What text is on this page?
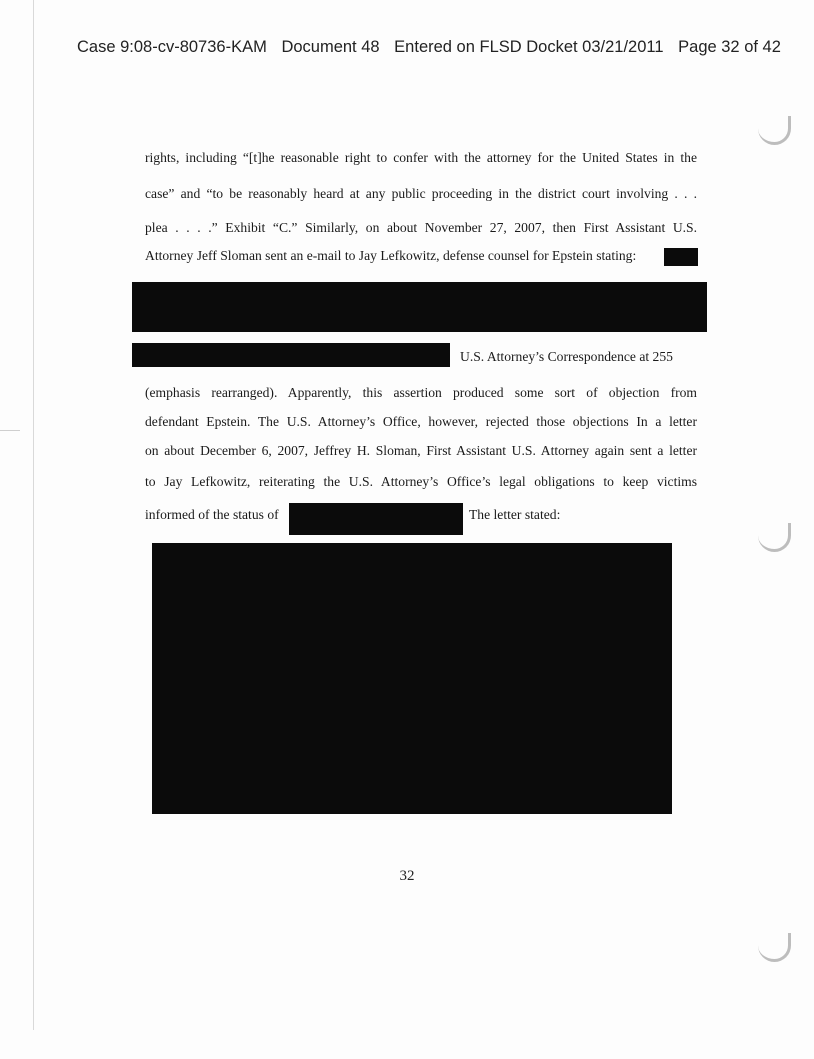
Case 9:08-cv-80736-KAM Document 48 Entered on FLSD Docket 03/21/2011 Page 32 of 42
rights, including “[t]he reasonable right to confer with the attorney for the United States in the
case” and “to be reasonably heard at any public proceeding in the district court involving . . .
plea . . . .” Exhibit “C.” Similarly, on about November 27, 2007, then First Assistant U.S.
Attorney Jeff Sloman sent an e-mail to Jay Lefkowitz, defense counsel for Epstein stating:
U.S. Attorney’s Correspondence at 255
(emphasis rearranged). Apparently, this assertion produced some sort of objection from
defendant Epstein. The U.S. Attorney’s Office, however, rejected those objections In a letter
on about December 6, 2007, Jeffrey H. Sloman, First Assistant U.S. Attorney again sent a letter
to Jay Lefkowitz, reiterating the U.S. Attorney’s Office’s legal obligations to keep victims
informed of the status of	The letter stated:
32
